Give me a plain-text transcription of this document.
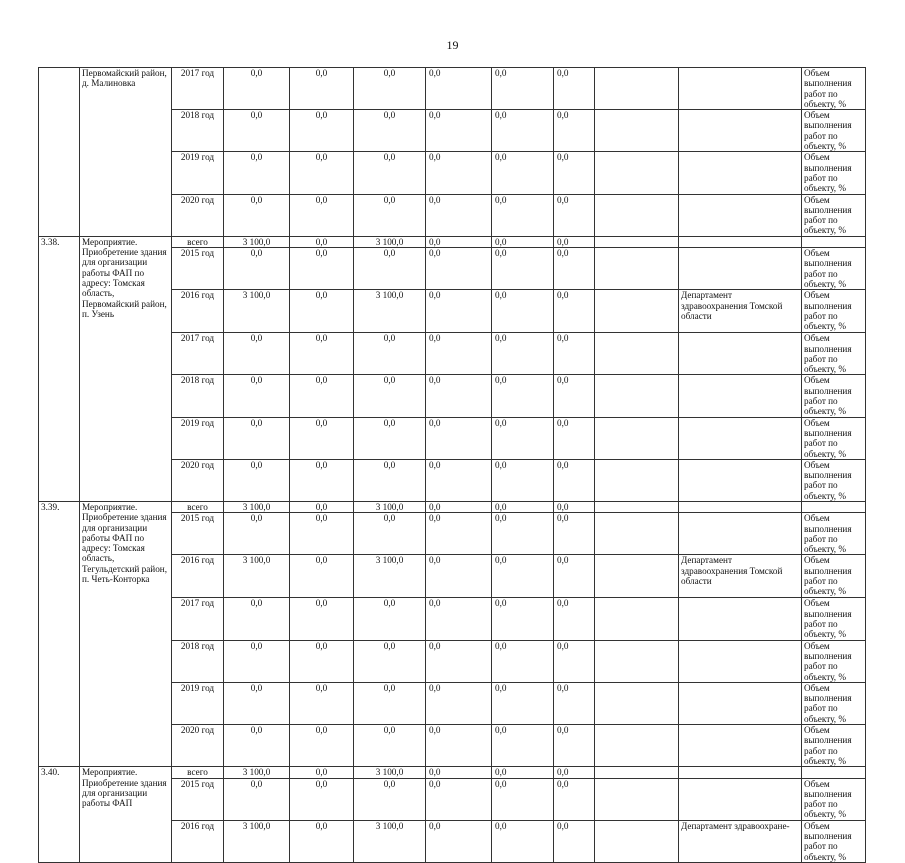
19
	Первомайский район, д. Малиновка	2017 год	0,0	0,0	0,0	0,0	0,0	0,0			Объем выполнения работ по объекту, %	
		2018 год	0,0	0,0	0,0	0,0	0,0	0,0			Объем выполнения работ по объекту, %	
		2019 год	0,0	0,0	0,0	0,0	0,0	0,0			Объем выполнения работ по объекту, %	
		2020 год	0,0	0,0	0,0	0,0	0,0	0,0			Объем выполнения работ по объекту, %	
3.38.	Мероприятие. Приобретение здания для организации работы ФАП по адресу: Томская область, Первомайский район, п. Узень	всего	3 100,0	0,0	3 100,0	0,0	0,0	0,0				
		2015 год	0,0	0,0	0,0	0,0	0,0	0,0			Объем выполнения работ по объекту, %	
		2016 год	3 100,0	0,0	3 100,0	0,0	0,0	0,0		Департамент здравоохранения Томской области	Объем выполнения работ по объекту, %	
		2017 год	0,0	0,0	0,0	0,0	0,0	0,0			Объем выполнения работ по объекту, %	
		2018 год	0,0	0,0	0,0	0,0	0,0	0,0			Объем выполнения работ по объекту, %	
		2019 год	0,0	0,0	0,0	0,0	0,0	0,0			Объем выполнения работ по объекту, %	
		2020 год	0,0	0,0	0,0	0,0	0,0	0,0			Объем выполнения работ по объекту, %	
3.39.	Мероприятие. Приобретение здания для организации работы ФАП по адресу: Томская область, Тегульдетский район, п. Четь-Конторка	всего	3 100,0	0,0	3 100,0	0,0	0,0	0,0				
		2015 год	0,0	0,0	0,0	0,0	0,0	0,0			Объем выполнения работ по объекту, %	
		2016 год	3 100,0	0,0	3 100,0	0,0	0,0	0,0		Департамент здравоохранения Томской области	Объем выполнения работ по объекту, %	
		2017 год	0,0	0,0	0,0	0,0	0,0	0,0			Объем выполнения работ по объекту, %	
		2018 год	0,0	0,0	0,0	0,0	0,0	0,0			Объем выполнения работ по объекту, %	
		2019 год	0,0	0,0	0,0	0,0	0,0	0,0			Объем выполнения работ по объекту, %	
		2020 год	0,0	0,0	0,0	0,0	0,0	0,0			Объем выполнения работ по объекту, %	
3.40.	Мероприятие. Приобретение здания для организации работы ФАП	всего	3 100,0	0,0	3 100,0	0,0	0,0	0,0				
		2015 год	0,0	0,0	0,0	0,0	0,0	0,0			Объем выполнения работ по объекту, %	
		2016 год	3 100,0	0,0	3 100,0	0,0	0,0	0,0		Департамент здравоохране-	Объем выполнения работ по объекту, %	
